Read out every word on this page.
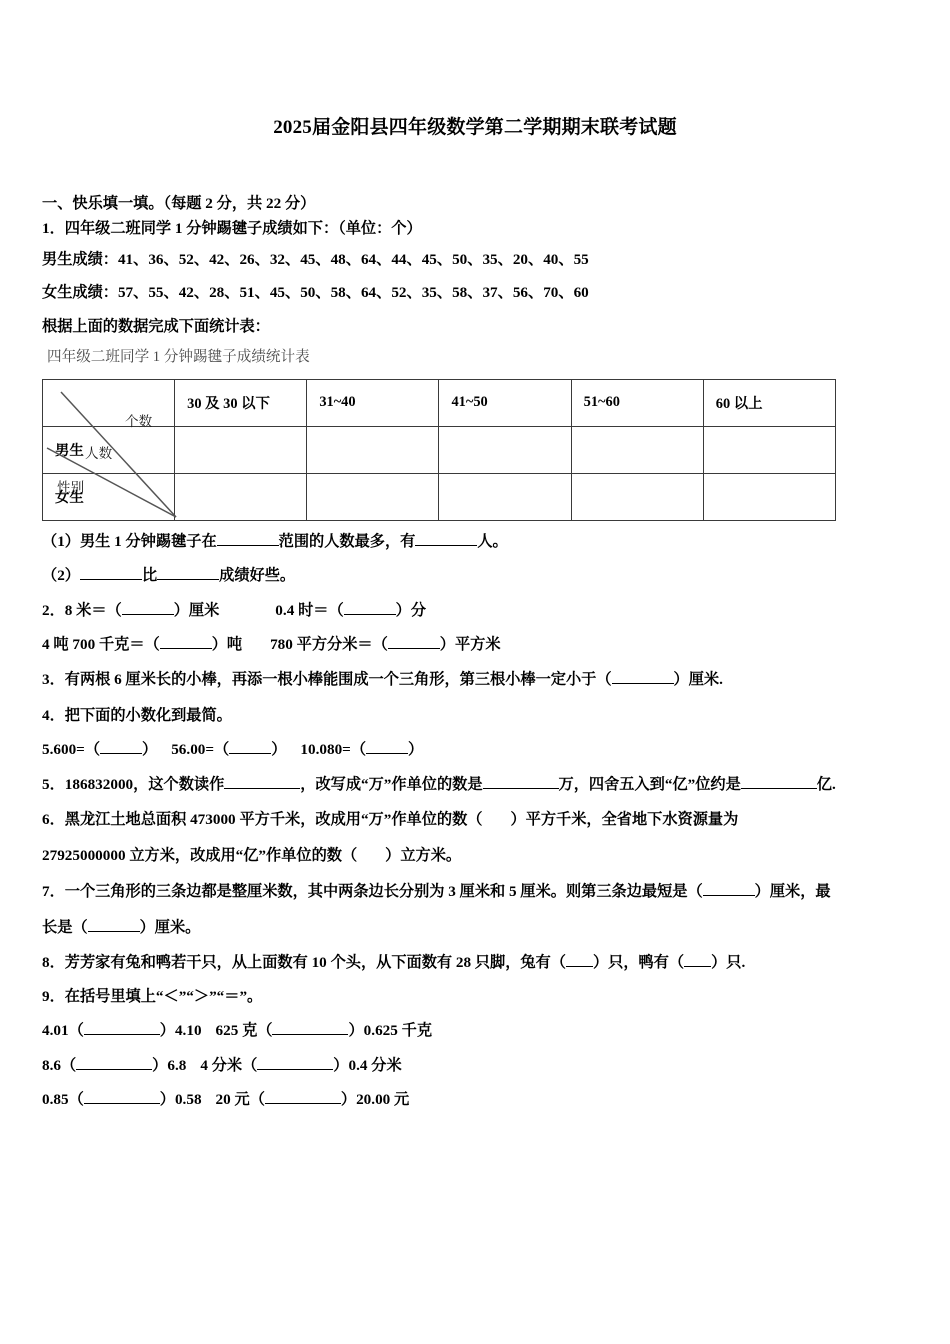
2025届金阳县四年级数学第二学期期末联考试题
一、快乐填一填。（每题 2 分，共 22 分）
1．四年级二班同学 1 分钟踢毽子成绩如下：（单位：个）
男生成绩：41、36、52、42、26、32、45、48、64、44、45、50、35、20、40、55
女生成绩：57、55、42、28、51、45、50、58、64、52、35、58、37、56、70、60
根据上面的数据完成下面统计表：
四年级二班同学 1 分钟踢毽子成绩统计表
个数
人数
性别	30 及 30 以下	31~40	41~50	51~60	60 以上
男生					
女生					
（1）男生 1 分钟踢毽子在	范围的人数最多，有	人。
（2）	比	成绩好些。
2．8 米＝（	）厘米	0.4 时＝（	）分
4 吨 700 千克＝（	）吨 780 平方分米＝（	）平方米
3．有两根 6 厘米长的小棒，再添一根小棒能围成一个三角形，第三根小棒一定小于（	）厘米.
4．把下面的小数化到最简。
5.600=（	） 56.00=（	） 10.080=（	）
5．186832000，这个数读作	，改写成“万”作单位的数是	万，四舍五入到“亿”位约是	亿.
6．黑龙江土地总面积 473000 平方千米，改成用“万”作单位的数（ ）平方千米，全省地下水资源量为
27925000000 立方米，改成用“亿”作单位的数（ ）立方米。
7．一个三角形的三条边都是整厘米数，其中两条边长分别为 3 厘米和 5 厘米。则第三条边最短是（	）厘米，最
长是（	）厘米。
8．芳芳家有兔和鸭若干只，从上面数有 10 个头，从下面数有 28 只脚，兔有（ ）只，鸭有（ ）只.
9．在括号里填上“＜”“＞”“＝”。
4.01（	）4.10 625 克（	）0.625 千克
8.6（	）6.8 4 分米（	）0.4 分米
0.85（	）0.58 20 元（	）20.00 元
